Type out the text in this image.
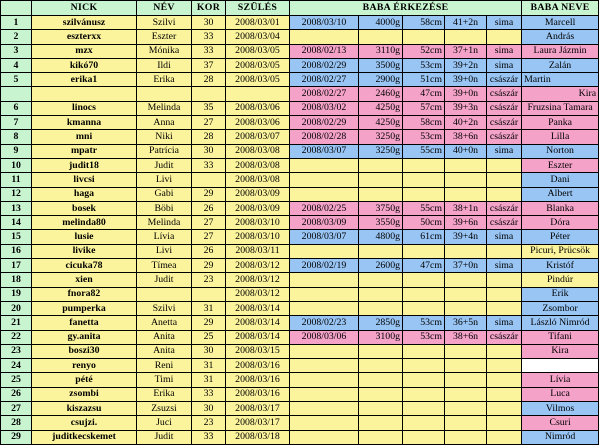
	NICK	NÉV	KOR	SZÜLÉS	BABA ÉRKEZÉSE					BABA NEVE
1	szilvánusz	Szilvi	30	2008/03/01	2008/03/10	4000g	58cm	41+2n	sima	Marcell
2	eszterxx	Eszter	33	2008/03/04						András
3	mzx	Mónika	33	2008/03/05	2008/02/13	3110g	52cm	37+1n	sima	Laura Jázmin
4	kikó70	Ildi	37	2008/03/05	2008/02/29	3500g	53cm	39+2n	sima	Zalán
5	erika1	Erika	28	2008/03/05	2008/02/27	2900g	51cm	39+0n	császár	Martin
					2008/02/27	2460g	47cm	39+0n	császár	Kira
6	linocs	Melinda	35	2008/03/06	2008/03/02	4250g	57cm	39+3n	császár	Fruzsina Tamara
7	kmanna	Anna	27	2008/03/06	2008/02/29	4250g	58cm	40+2n	császár	Panka
8	mni	Niki	28	2008/03/07	2008/02/28	3250g	53cm	38+6n	császár	Lilla
9	mpatr	Patrícia	30	2008/03/08	2008/03/07	3250g	55cm	40+0n	sima	Norton
10	judit18	Judit	33	2008/03/08						Eszter
11	livcsi	Livi		2008/03/08						Dani
12	haga	Gabi	29	2008/03/09						Albert
13	bosek	Böbi	26	2008/03/09	2008/02/25	3750g	55cm	38+1n	császár	Blanka
14	melinda80	Melinda	27	2008/03/10	2008/03/09	3550g	50cm	39+6n	császár	Dóra
15	lusie	Lívia	27	2008/03/10	2008/03/07	4800g	61cm	39+4n	sima	Péter
16	livike	Livi	26	2008/03/11						Picuri, Prücsök
17	cicuka78	Tímea	29	2008/03/12	2008/02/19	2600g	47cm	37+0n	sima	Kristóf
18	xien	Judit	23	2008/03/12						Pindúr
19	fnora82			2008/03/12						Erik
20	pumperka	Szilvi	31	2008/03/14						Zsombor
21	fanetta	Anetta	29	2008/03/14	2008/02/23	2850g	53cm	36+5n	sima	László Nimród
22	gy.anita	Anita	25	2008/03/14	2008/03/06	3100g	53cm	38+6n	császár	Tifani
23	boszi30	Anita	30	2008/03/15						Kira
24	renyo	Reni	31	2008/03/16						
25	pété	Timi	31	2008/03/16						Lívia
26	zsombi	Erika	33	2008/03/16						Luca
27	kiszazsu	Zsuzsi	30	2008/03/17						Vilmos
28	csujzi.	Juci	23	2008/03/17						Csuri
29	juditkecskemet	Judit	33	2008/03/18						Nimród
